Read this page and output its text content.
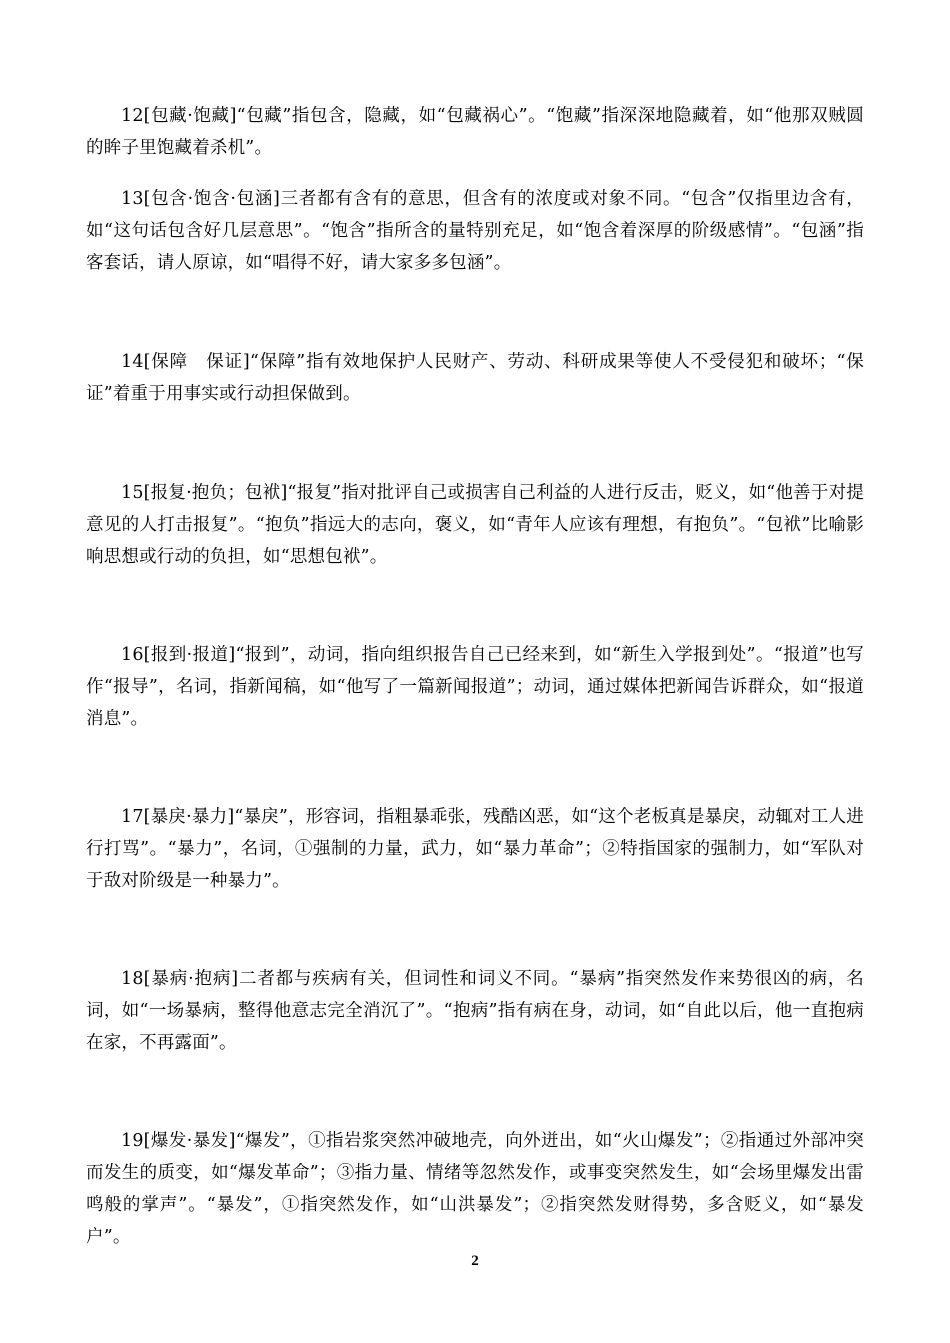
12[包藏·饱藏]“包藏”指包含，隐藏，如“包藏祸心”。“饱藏”指深深地隐藏着，如“他那双贼圆的眸子里饱藏着杀机”。

13[包含·饱含·包涵]三者都有含有的意思，但含有的浓度或对象不同。“包含”仅指里边含有，如“这句话包含好几层意思”。“饱含”指所含的量特别充足，如“饱含着深厚的阶级感情”。“包涵”指客套话，请人原谅，如“唱得不好，请大家多多包涵”。

14[保障　保证]“保障”指有效地保护人民财产、劳动、科研成果等使人不受侵犯和破坏；“保证”着重于用事实或行动担保做到。

15[报复·抱负；包袱]“报复”指对批评自己或损害自己利益的人进行反击，贬义，如“他善于对提意见的人打击报复”。“抱负”指远大的志向，褒义，如“青年人应该有理想，有抱负”。“包袱”比喻影响思想或行动的负担，如“思想包袱”。

16[报到·报道]“报到”，动词，指向组织报告自己已经来到，如“新生入学报到处”。“报道”也写作“报导”，名词，指新闻稿，如“他写了一篇新闻报道”；动词，通过媒体把新闻告诉群众，如“报道消息”。

17[暴戾·暴力]“暴戾”，形容词，指粗暴乖张，残酷凶恶，如“这个老板真是暴戾，动辄对工人进行打骂”。“暴力”，名词，①强制的力量，武力，如“暴力革命”；②特指国家的强制力，如“军队对于敌对阶级是一种暴力”。

18[暴病·抱病]二者都与疾病有关，但词性和词义不同。“暴病”指突然发作来势很凶的病，名词，如“一场暴病，整得他意志完全消沉了”。“抱病”指有病在身，动词，如“自此以后，他一直抱病在家，不再露面”。

19[爆发·暴发]“爆发”，①指岩浆突然冲破地壳，向外迸出，如“火山爆发”；②指通过外部冲突而发生的质变，如“爆发革命”；③指力量、情绪等忽然发作，或事变突然发生，如“会场里爆发出雷鸣般的掌声”。“暴发”，①指突然发作，如“山洪暴发”；②指突然发财得势，多含贬义，如“暴发户”。

2
